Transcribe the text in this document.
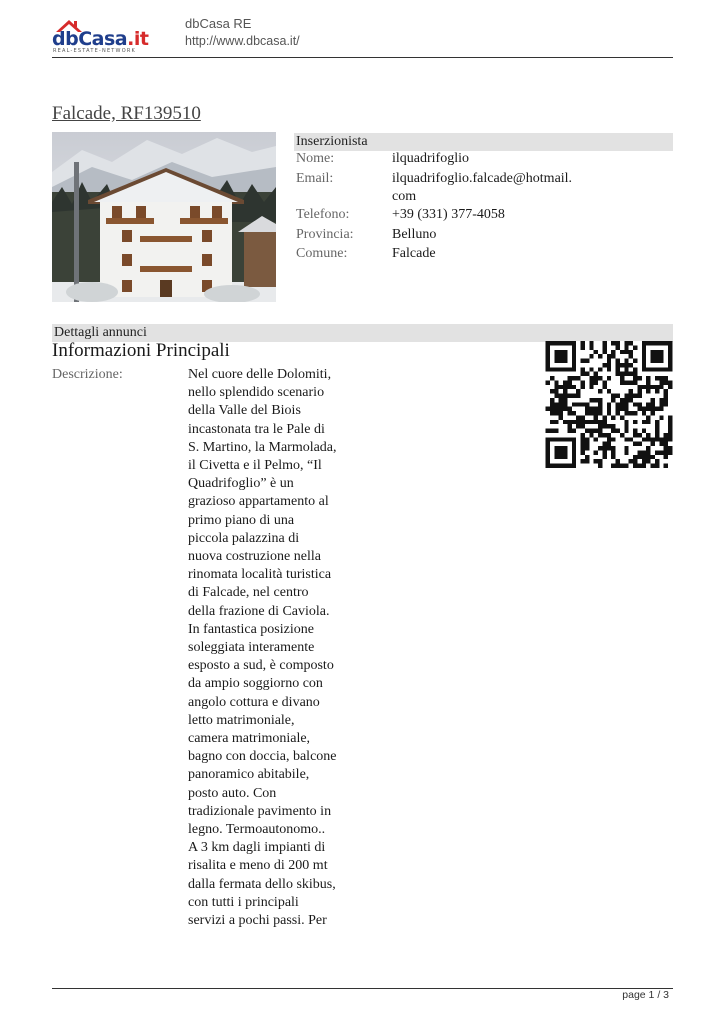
dbCasa.it
REAL-ESTATE-NETWORK
dbCasa RE
http://www.dbcasa.it/
Falcade, RF139510
Inserzionista
Nome:	ilquadrifoglio
Email:	ilquadrifoglio.falcade@hotmail.
com
Telefono:	+39 (331) 377-4058
Provincia:	Belluno
Comune:	Falcade
Dettagli annunci
Informazioni Principali
Descrizione:	Nel cuore delle Dolomiti,

nello splendido scenario

della Valle del Biois

incastonata tra le Pale di

S. Martino, la Marmolada,

il Civetta e il Pelmo, “Il

Quadrifoglio” è un

grazioso appartamento al

primo piano di una

piccola palazzina di

nuova costruzione nella

rinomata località turistica

di Falcade, nel centro

della frazione di Caviola.

In fantastica posizione

soleggiata interamente

esposto a sud, è composto

da ampio soggiorno con

angolo cottura e divano

letto matrimoniale,

camera matrimoniale,

bagno con doccia, balcone

panoramico abitabile,

posto auto. Con

tradizionale pavimento in

legno. Termoautonomo..

A 3 km dagli impianti di

risalita e meno di 200 mt

dalla fermata dello skibus,

con tutti i principali

servizi a pochi passi. Per

page 1 / 3
